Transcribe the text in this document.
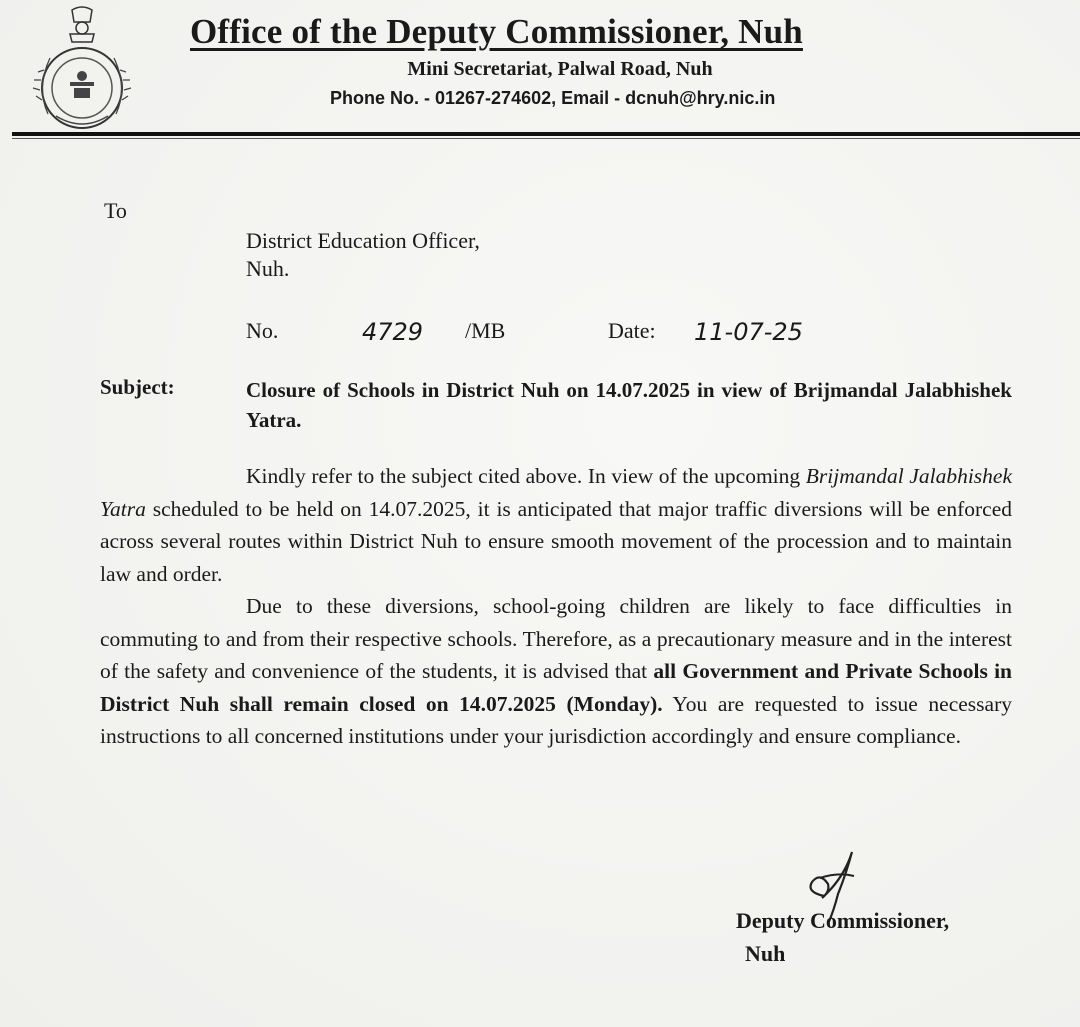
Office of the Deputy Commissioner, Nuh
Mini Secretariat, Palwal Road, Nuh
Phone No. - 01267-274602, Email - dcnuh@hry.nic.in
To
District Education Officer,
Nuh.
No.	4729 /MB	Date: 11-07-25
Subject:	Closure of Schools in District Nuh on 14.07.2025 in view of Brijmandal Jalabhishek Yatra.

Kindly refer to the subject cited above. In view of the upcoming Brijmandal Jalabhishek Yatra scheduled to be held on 14.07.2025, it is anticipated that major traffic diversions will be enforced across several routes within District Nuh to ensure smooth movement of the procession and to maintain law and order.

Due to these diversions, school-going children are likely to face difficulties in commuting to and from their respective schools. Therefore, as a precautionary measure and in the interest of the safety and convenience of the students, it is advised that all Government and Private Schools in District Nuh shall remain closed on 14.07.2025 (Monday). You are requested to issue necessary instructions to all concerned institutions under your jurisdiction accordingly and ensure compliance.

Deputy Commissioner,
Nuh
